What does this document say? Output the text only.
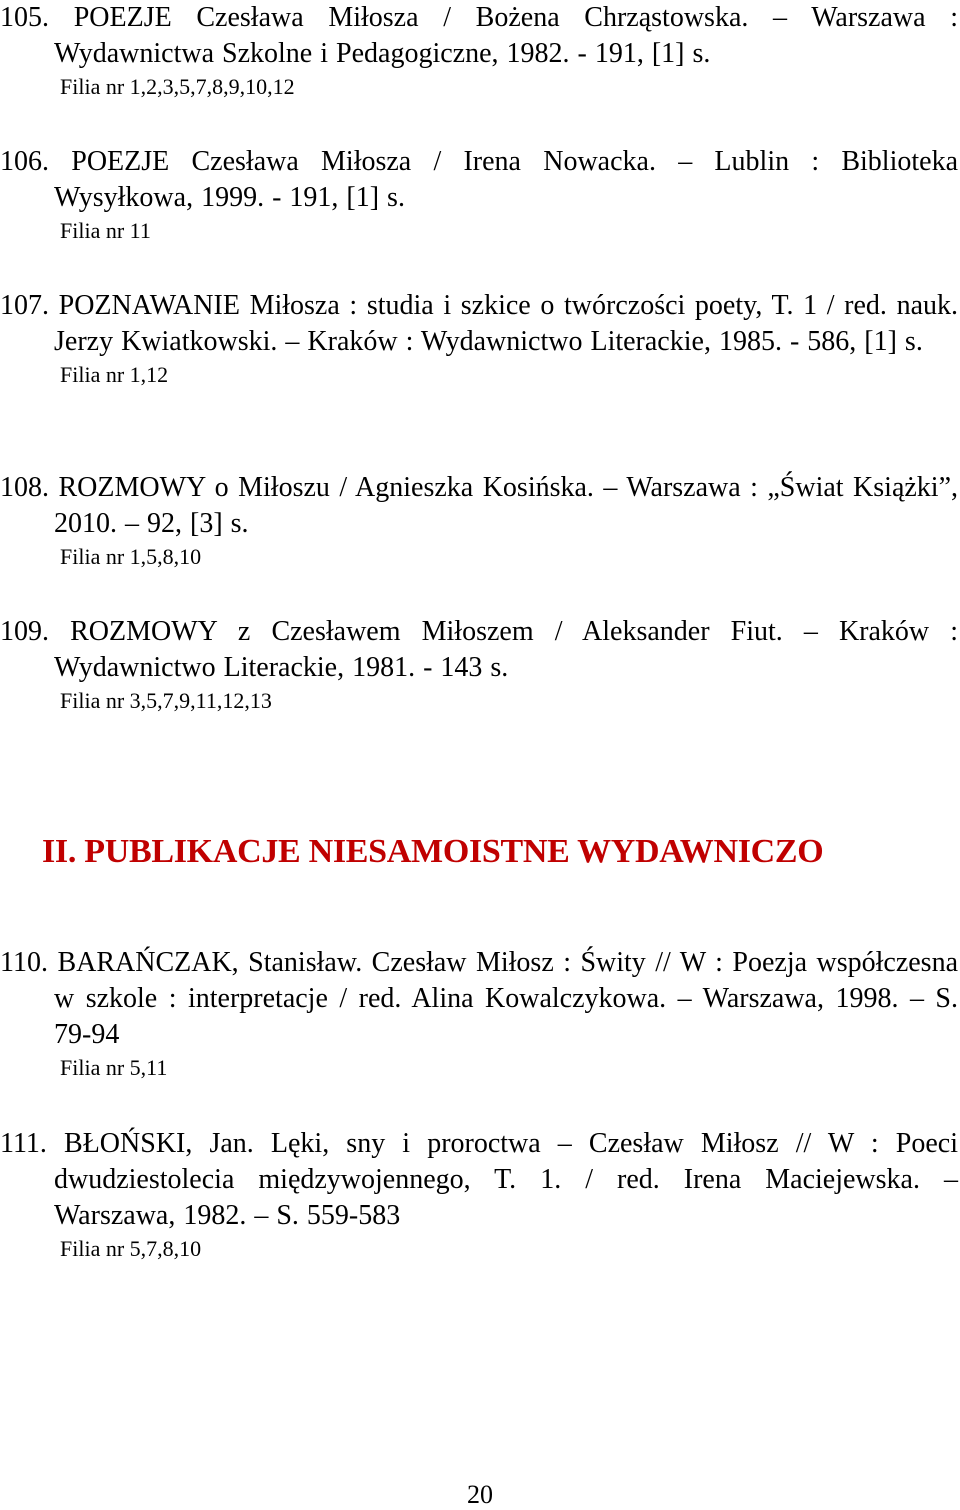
105. POEZJE Czesława Miłosza / Bożena Chrząstowska. – Warszawa : Wydawnictwa Szkolne i Pedagogiczne, 1982. - 191, [1] s.

Filia nr 1,2,3,5,7,8,9,10,12

106. POEZJE Czesława Miłosza / Irena Nowacka. – Lublin : Biblioteka Wysyłkowa, 1999. - 191, [1] s.

Filia nr 11

107. POZNAWANIE Miłosza : studia i szkice o twórczości poety, T. 1 / red. nauk. Jerzy Kwiatkowski. – Kraków : Wydawnictwo Literackie, 1985. - 586, [1] s.

Filia nr 1,12

108. ROZMOWY o Miłoszu / Agnieszka Kosińska. – Warszawa : „Świat Książki”, 2010. – 92, [3] s.

Filia nr 1,5,8,10

109. ROZMOWY z Czesławem Miłoszem / Aleksander Fiut. – Kraków : Wydawnictwo Literackie, 1981. - 143 s.

Filia nr 3,5,7,9,11,12,13
II. PUBLIKACJE NIESAMOISTNE WYDAWNICZO

110. BARAŃCZAK, Stanisław. Czesław Miłosz : Świty // W : Poezja współczesna w szkole : interpretacje / red. Alina Kowalczykowa. – Warszawa, 1998. – S. 79-94

Filia nr 5,11

111. BŁOŃSKI, Jan. Lęki, sny i proroctwa – Czesław Miłosz // W : Poeci dwudziestolecia międzywojennego, T. 1. / red. Irena Maciejewska. – Warszawa, 1982. – S. 559-583

Filia nr 5,7,8,10
20
